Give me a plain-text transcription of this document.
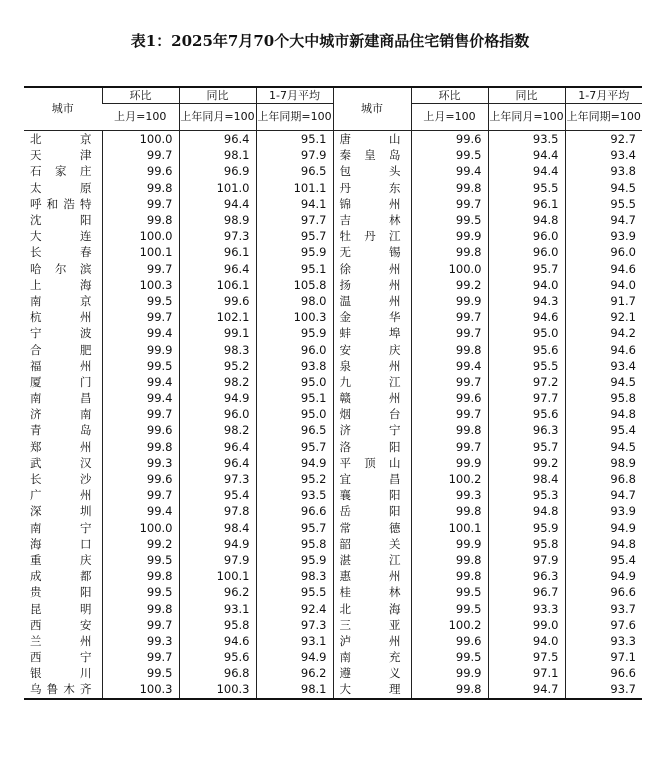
表1：2025年7月70个大中城市新建商品住宅销售价格指数
城市	环比	同比	1-7月平均	城市	环比	同比	1-7月平均
	上月=100	上年同月=100	上年同期=100		上月=100	上年同月=100	上年同期=100
北京	100.0	96.4	95.1	唐山	99.6	93.5	92.7
天津	99.7	98.1	97.9	秦皇岛	99.5	94.4	93.4
石家庄	99.6	96.9	96.5	包头	99.4	94.4	93.8
太原	99.8	101.0	101.1	丹东	99.8	95.5	94.5
呼和浩特	99.7	94.4	94.1	锦州	99.7	96.1	95.5
沈阳	99.8	98.9	97.7	吉林	99.5	94.8	94.7
大连	100.0	97.3	95.7	牡丹江	99.9	96.0	93.9
长春	100.1	96.1	95.9	无锡	99.8	96.0	96.0
哈尔滨	99.7	96.4	95.1	徐州	100.0	95.7	94.6
上海	100.3	106.1	105.8	扬州	99.2	94.0	94.0
南京	99.5	99.6	98.0	温州	99.9	94.3	91.7
杭州	99.7	102.1	100.3	金华	99.7	94.6	92.1
宁波	99.4	99.1	95.9	蚌埠	99.7	95.0	94.2
合肥	99.9	98.3	96.0	安庆	99.8	95.6	94.6
福州	99.5	95.2	93.8	泉州	99.4	95.5	93.4
厦门	99.4	98.2	95.0	九江	99.7	97.2	94.5
南昌	99.4	94.9	95.1	赣州	99.6	97.7	95.8
济南	99.7	96.0	95.0	烟台	99.7	95.6	94.8
青岛	99.6	98.2	96.5	济宁	99.8	96.3	95.4
郑州	99.8	96.4	95.7	洛阳	99.7	95.7	94.5
武汉	99.3	96.4	94.9	平顶山	99.9	99.2	98.9
长沙	99.6	97.3	95.2	宜昌	100.2	98.4	96.8
广州	99.7	95.4	93.5	襄阳	99.3	95.3	94.7
深圳	99.4	97.8	96.6	岳阳	99.8	94.8	93.9
南宁	100.0	98.4	95.7	常德	100.1	95.9	94.9
海口	99.2	94.9	95.8	韶关	99.9	95.8	94.8
重庆	99.5	97.9	95.9	湛江	99.8	97.9	95.4
成都	99.8	100.1	98.3	惠州	99.8	96.3	94.9
贵阳	99.5	96.2	95.5	桂林	99.5	96.7	96.6
昆明	99.8	93.1	92.4	北海	99.5	93.3	93.7
西安	99.7	95.8	97.3	三亚	100.2	99.0	97.6
兰州	99.3	94.6	93.1	泸州	99.6	94.0	93.3
西宁	99.7	95.6	94.9	南充	99.5	97.5	97.1
银川	99.5	96.8	96.2	遵义	99.9	97.1	96.6
乌鲁木齐	100.3	100.3	98.1	大理	99.8	94.7	93.7
